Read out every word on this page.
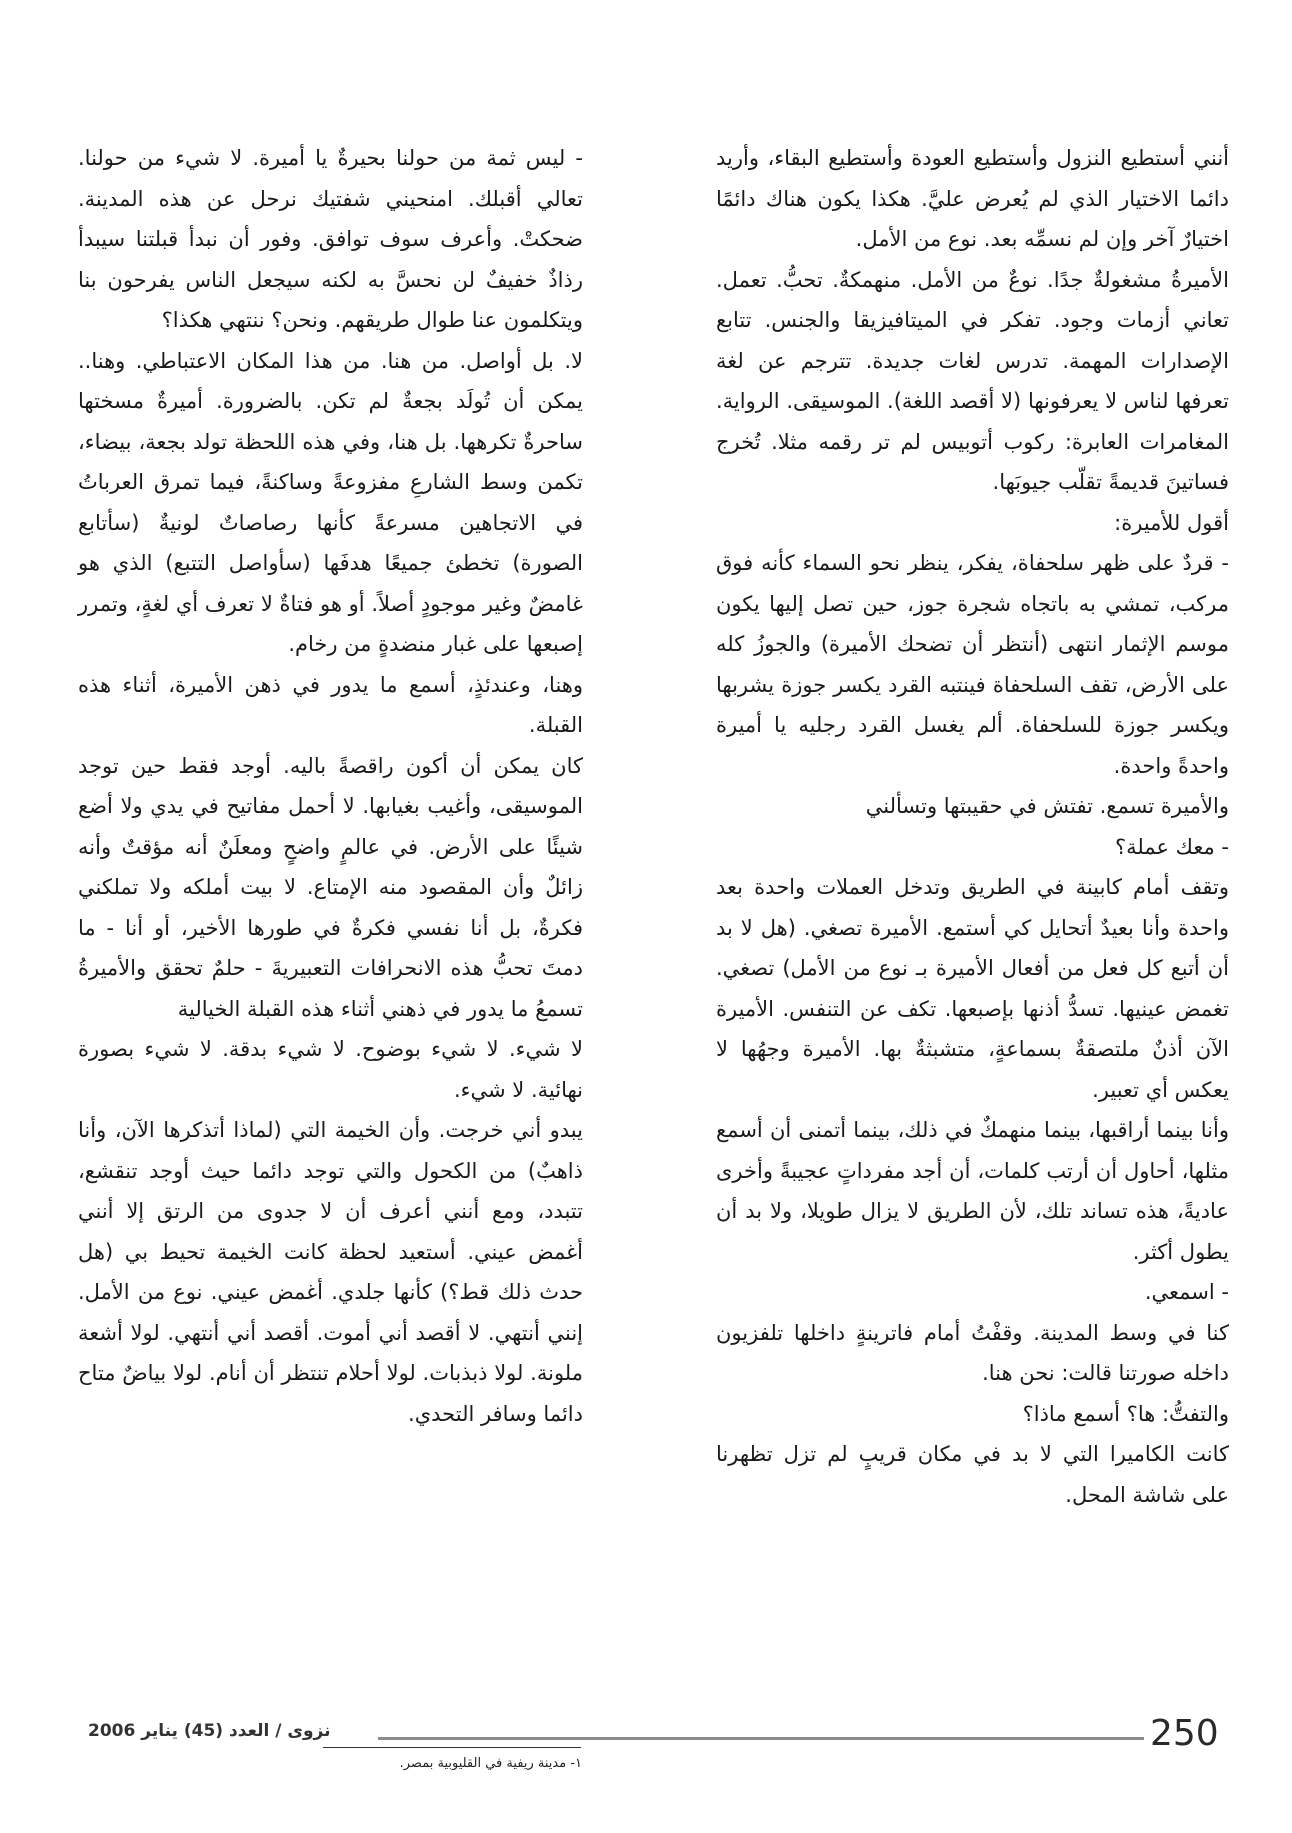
أنني أستطيع النزول وأستطيع العودة وأستطيع البقاء، وأريد دائما الاختيار الذي لم يُعرض عليَّ. هكذا يكون هناك دائمًا اختيارٌ آخر وإن لم نسمِّه بعد. نوع من الأمل.

الأميرةُ مشغولةٌ جدًا. نوعٌ من الأمل. منهمكةٌ. تحبُّ. تعمل. تعاني أزمات وجود. تفكر في الميتافيزيقا والجنس. تتابع الإصدارات المهمة. تدرس لغات جديدة. تترجم عن لغة تعرفها لناس لا يعرفونها (لا أقصد اللغة). الموسيقى. الرواية. المغامرات العابرة: ركوب أتوبيس لم تر رقمه مثلا. تُخرج فساتينَ قديمةً تقلّب جيوبَها.

أقول للأميرة:

- قردٌ على ظهر سلحفاة، يفكر، ينظر نحو السماء كأنه فوق مركب، تمشي به باتجاه شجرة جوز، حين تصل إليها يكون موسم الإثمار انتهى (أنتظر أن تضحك الأميرة) والجوزُ كله على الأرض، تقف السلحفاة فينتبه القرد يكسر جوزة يشربها ويكسر جوزة للسلحفاة. ألم يغسل القرد رجليه يا أميرة واحدةً واحدة.

والأميرة تسمع. تفتش في حقيبتها وتسألني

- معك عملة؟

وتقف أمام كابينة في الطريق وتدخل العملات واحدة بعد واحدة وأنا بعيدٌ أتحايل كي أستمع. الأميرة تصغي. (هل لا بد أن أتبع كل فعل من أفعال الأميرة بـ نوع من الأمل) تصغي. تغمض عينيها. تسدُّ أذنها بإصبعها. تكف عن التنفس. الأميرة الآن أذنٌ ملتصقةٌ بسماعةٍ، متشبثةٌ بها. الأميرة وجهُها لا يعكس أي تعبير.

وأنا بينما أراقبها، بينما منهمكٌ في ذلك، بينما أتمنى أن أسمع مثلها، أحاول أن أرتب كلمات، أن أجد مفرداتٍ عجيبةً وأخرى عاديةً، هذه تساند تلك، لأن الطريق لا يزال طويلا، ولا بد أن يطول أكثر.

- اسمعي.

كنا في وسط المدينة. وقفْتُ أمام فاترينةٍ داخلها تلفزيون داخله صورتنا قالت: نحن هنا.

والتفتُّ: ها؟ أسمع ماذا؟

كانت الكاميرا التي لا بد في مكان قريبٍ لم تزل تظهرنا على شاشة المحل.

- ليس ثمة من حولنا بحيرةٌ يا أميرة. لا شيء من حولنا. تعالي أقبلك. امنحيني شفتيك نرحل عن هذه المدينة. ضحكتْ. وأعرف سوف توافق. وفور أن نبدأ قبلتنا سيبدأ رذاذٌ خفيفٌ لن نحسَّ به لكنه سيجعل الناس يفرحون بنا ويتكلمون عنا طوال طريقهم. ونحن؟ ننتهي هكذا؟

لا. بل أواصل. من هنا. من هذا المكان الاعتباطي. وهنا.. يمكن أن تُولَد بجعةٌ لم تكن. بالضرورة. أميرةٌ مسختها ساحرةٌ تكرهها. بل هنا، وفي هذه اللحظة تولد بجعة، بيضاء، تكمن وسط الشارعِ مفزوعةً وساكنةً، فيما تمرق العرباتُ في الاتجاهين مسرعةً كأنها رصاصاتٌ لونيةٌ (سأتابع الصورة) تخطئ جميعًا هدفَها (سأواصل التتبع) الذي هو غامضٌ وغير موجودٍ أصلاً. أو هو فتاةٌ لا تعرف أي لغةٍ، وتمرر إصبعها على غبار منضدةٍ من رخام.

وهنا، وعندئذٍ، أسمع ما يدور في ذهن الأميرة، أثناء هذه القبلة.

كان يمكن أن أكون راقصةً باليه. أوجد فقط حين توجد الموسيقى، وأغيب بغيابها. لا أحمل مفاتيح في يدي ولا أضع شيئًا على الأرض. في عالمٍ واضحٍ ومعلَنٌ أنه مؤقتٌ وأنه زائلٌ وأن المقصود منه الإمتاع. لا بيت أملكه ولا تملكني فكرةٌ، بل أنا نفسي فكرةٌ في طورها الأخير، أو أنا - ما دمتَ تحبُّ هذه الانحرافات التعبيريةَ - حلمٌ تحقق والأميرةُ تسمعُ ما يدور في ذهني أثناء هذه القبلة الخيالية

لا شيء. لا شيء بوضوح. لا شيء بدقة. لا شيء بصورة نهائية. لا شيء.

يبدو أني خرجت. وأن الخيمة التي (لماذا أتذكرها الآن، وأنا ذاهبٌ) من الكحول والتي توجد دائما حيث أوجد تنقشع، تتبدد، ومع أنني أعرف أن لا جدوى من الرتق إلا أنني أغمض عيني. أستعيد لحظة كانت الخيمة تحيط بي (هل حدث ذلك قط؟) كأنها جلدي. أغمض عيني. نوع من الأمل. إنني أنتهي. لا أقصد أني أموت. أقصد أني أنتهي. لولا أشعة ملونة. لولا ذبذبات. لولا أحلام تنتظر أن أنام. لولا بياضٌ متاح دائما وسافر التحدي.

١- مدينة ريفية في القليوبية بمصر.
نزوى / العدد (45) يناير 2006	250
